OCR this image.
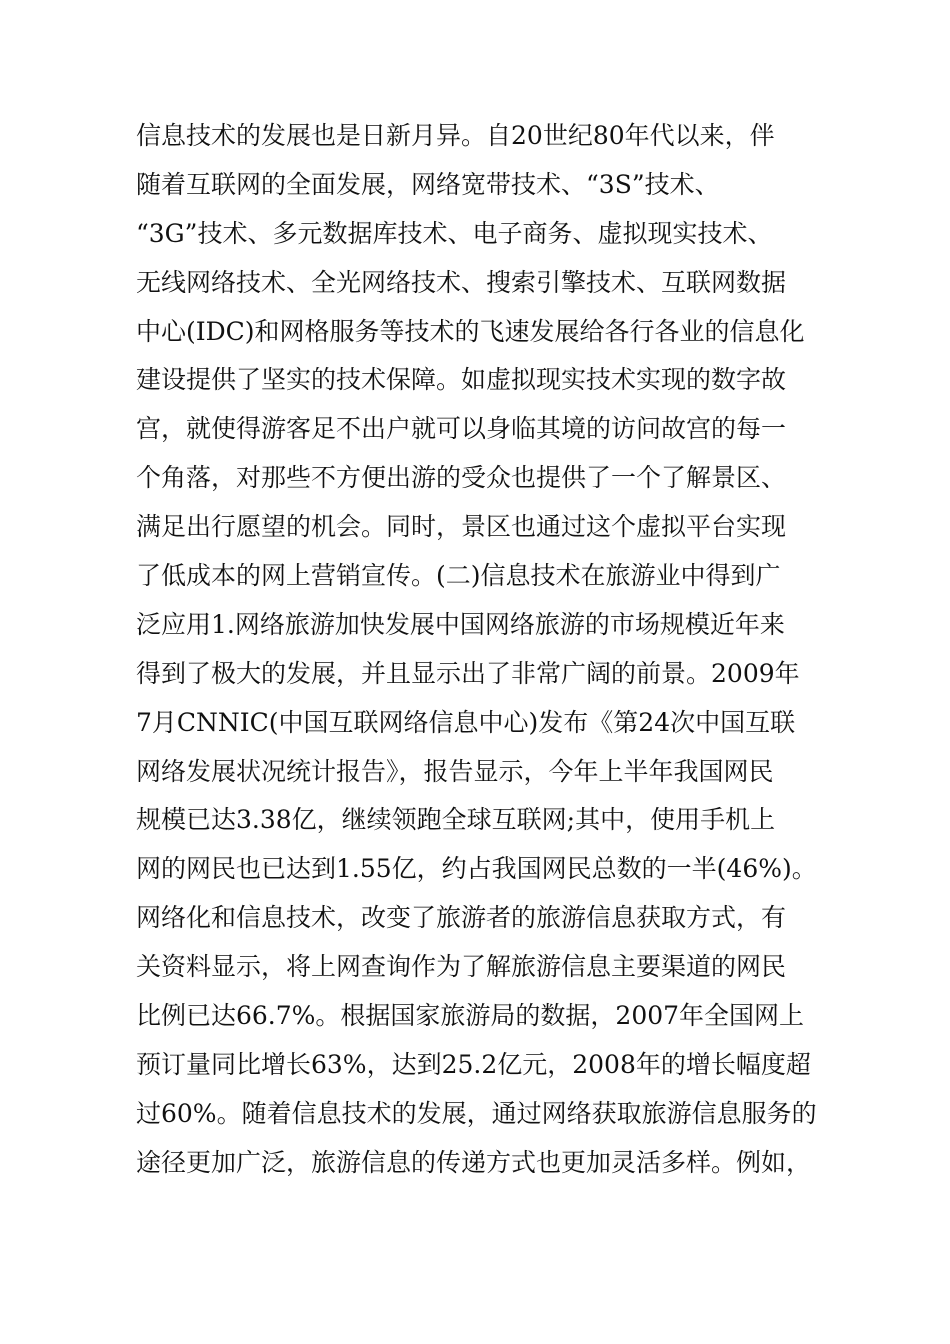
信息技术的发展也是日新月异。自20世纪80年代以来，伴
随着互联网的全面发展，网络宽带技术、“3S”技术、
“3G”技术、多元数据库技术、电子商务、虚拟现实技术、
无线网络技术、全光网络技术、搜索引擎技术、互联网数据
中心(IDC)和网格服务等技术的飞速发展给各行各业的信息化
建设提供了坚实的技术保障。如虚拟现实技术实现的数字故
宫，就使得游客足不出户就可以身临其境的访问故宫的每一
个角落，对那些不方便出游的受众也提供了一个了解景区、
满足出行愿望的机会。同时，景区也通过这个虚拟平台实现
了低成本的网上营销宣传。(二)信息技术在旅游业中得到广
泛应用1.网络旅游加快发展中国网络旅游的市场规模近年来
得到了极大的发展，并且显示出了非常广阔的前景。2009年
7月CNNIC(中国互联网络信息中心)发布《第24次中国互联
网络发展状况统计报告》，报告显示，今年上半年我国网民
规模已达3.38亿，继续领跑全球互联网;其中，使用手机上
网的网民也已达到1.55亿，约占我国网民总数的一半(46%)。
网络化和信息技术，改变了旅游者的旅游信息获取方式，有
关资料显示，将上网查询作为了解旅游信息主要渠道的网民
比例已达66.7%。根据国家旅游局的数据，2007年全国网上
预订量同比增长63%，达到25.2亿元，2008年的增长幅度超
过60%。随着信息技术的发展，通过网络获取旅游信息服务的
途径更加广泛，旅游信息的传递方式也更加灵活多样。例如，
